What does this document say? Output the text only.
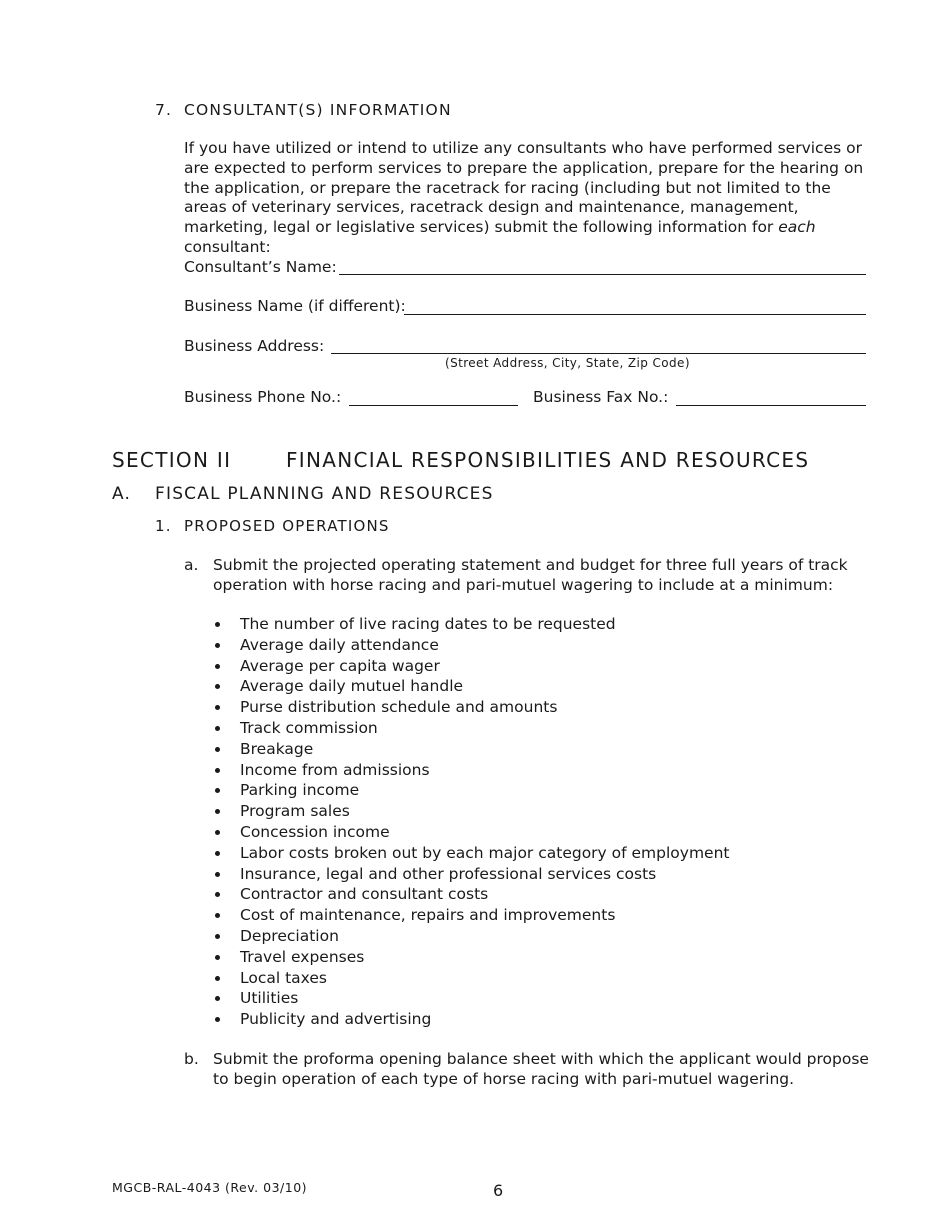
7. CONSULTANT(S) INFORMATION
If you have utilized or intend to utilize any consultants who have performed services or are expected to perform services to prepare the application, prepare for the hearing on the application, or prepare the racetrack for racing (including but not limited to the areas of veterinary services, racetrack design and maintenance, management, marketing, legal or legislative services) submit the following information for each consultant:
Consultant’s Name:
Business Name (if different):
Business Address:
(Street Address, City, State, Zip Code)
Business Phone No.:	Business Fax No.:
SECTION II	FINANCIAL RESPONSIBILITIES AND RESOURCES
A. FISCAL PLANNING AND RESOURCES
1. PROPOSED OPERATIONS
a. Submit the projected operating statement and budget for three full years of track operation with horse racing and pari-mutuel wagering to include at a minimum:
The number of live racing dates to be requested
Average daily attendance
Average per capita wager
Average daily mutuel handle
Purse distribution schedule and amounts
Track commission
Breakage
Income from admissions
Parking income
Program sales
Concession income
Labor costs broken out by each major category of employment
Insurance, legal and other professional services costs
Contractor and consultant costs
Cost of maintenance, repairs and improvements
Depreciation
Travel expenses
Local taxes
Utilities
Publicity and advertising
b. Submit the proforma opening balance sheet with which the applicant would propose to begin operation of each type of horse racing with pari-mutuel wagering.
MGCB-RAL-4043 (Rev. 03/10)	6
